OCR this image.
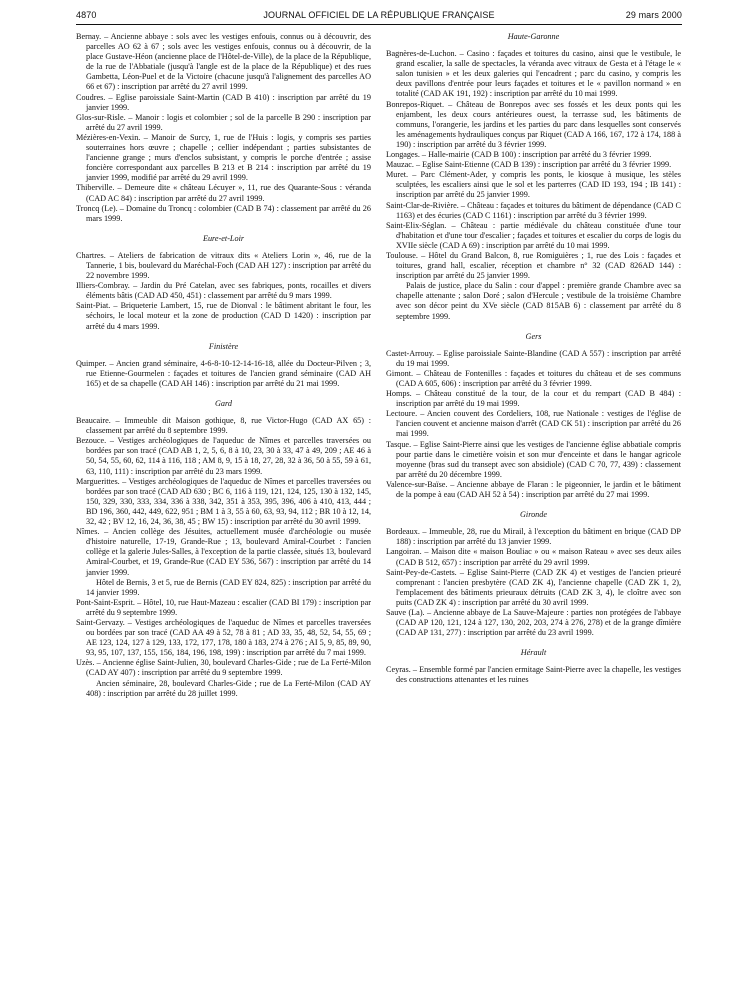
4870	JOURNAL OFFICIEL DE LA RÉPUBLIQUE FRANÇAISE	29 mars 2000

Bernay. – Ancienne abbaye : sols avec les vestiges enfouis, connus ou à découvrir, des parcelles AO 62 à 67 ; sols avec les vestiges enfouis, connus ou à découvrir, de la place Gustave-Héon (ancienne place de l'Hôtel-de-Ville), de la place de la République, de la rue de l'Abbatiale (jusqu'à l'angle est de la place de la République) et des rues Gambetta, Léon-Puel et de la Victoire (chacune jusqu'à l'alignement des parcelles AO 66 et 67) : inscription par arrêté du 27 avril 1999.

Coudres. – Eglise paroissiale Saint-Martin (CAD B 410) : inscription par arrêté du 19 janvier 1999.

Glos-sur-Risle. – Manoir : logis et colombier ; sol de la parcelle B 290 : inscription par arrêté du 27 avril 1999.

Mézières-en-Vexin. – Manoir de Surcy, 1, rue de l'Huis : logis, y compris ses parties souterraines hors œuvre ; chapelle ; cellier indépendant ; parties subsistantes de l'ancienne grange ; murs d'enclos subsistant, y compris le porche d'entrée ; assise foncière correspondant aux parcelles B 213 et B 214 : inscription par arrêté du 19 janvier 1999, modifié par arrêté du 29 avril 1999.

Thiberville. – Demeure dite « château Lécuyer », 11, rue des Quarante-Sous : véranda (CAD AC 84) : inscription par arrêté du 27 avril 1999.

Troncq (Le). – Domaine du Troncq : colombier (CAD B 74) : classement par arrêté du 26 mars 1999.

Eure-et-Loir

Chartres. – Ateliers de fabrication de vitraux dits « Ateliers Lorin », 46, rue de la Tannerie, 1 bis, boulevard du Maréchal-Foch (CAD AH 127) : inscription par arrêté du 22 novembre 1999.

Illiers-Combray. – Jardin du Pré Catelan, avec ses fabriques, ponts, rocailles et divers éléments bâtis (CAD AD 450, 451) : classement par arrêté du 9 mars 1999.

Saint-Piat. – Briqueterie Lambert, 15, rue de Dionval : le bâtiment abritant le four, les séchoirs, le local moteur et la zone de production (CAD D 1420) : inscription par arrêté du 4 mars 1999.

Finistère

Quimper. – Ancien grand séminaire, 4-6-8-10-12-14-16-18, allée du Docteur-Pilven ; 3, rue Etienne-Gourmelen : façades et toitures de l'ancien grand séminaire (CAD AH 165) et de sa chapelle (CAD AH 146) : inscription par arrêté du 21 mai 1999.

Gard

Beaucaire. – Immeuble dit Maison gothique, 8, rue Victor-Hugo (CAD AX 65) : classement par arrêté du 8 septembre 1999.

Bezouce. – Vestiges archéologiques de l'aqueduc de Nîmes et parcelles traversées ou bordées par son tracé (CAD AB 1, 2, 5, 6, 8 à 10, 23, 30 à 33, 47 à 49, 209 ; AE 46 à 50, 54, 55, 60, 62, 114 à 116, 118 ; AM 8, 9, 15 à 18, 27, 28, 32 à 36, 50 à 55, 59 à 61, 63, 110, 111) : inscription par arrêté du 23 mars 1999.

Marguerittes. – Vestiges archéologiques de l'aqueduc de Nîmes et parcelles traversées ou bordées par son tracé (CAD AD 630 ; BC 6, 116 à 119, 121, 124, 125, 130 à 132, 145, 150, 329, 330, 333, 334, 336 à 338, 342, 351 à 353, 395, 396, 406 à 410, 413, 444 ; BD 196, 360, 442, 449, 622, 951 ; BM 1 à 3, 55 à 60, 63, 93, 94, 112 ; BR 10 à 12, 14, 32, 42 ; BV 12, 16, 24, 36, 38, 45 ; BW 15) : inscription par arrêté du 30 avril 1999.

Nîmes. – Ancien collège des Jésuites, actuellement musée d'archéologie ou musée d'histoire naturelle, 17-19, Grande-Rue ; 13, boulevard Amiral-Courbet : l'ancien collège et la galerie Jules-Salles, à l'exception de la partie classée, situés 13, boulevard Amiral-Courbet, et 19, Grande-Rue (CAD EY 536, 567) : inscription par arrêté du 14 janvier 1999.

Hôtel de Bernis, 3 et 5, rue de Bernis (CAD EY 824, 825) : inscription par arrêté du 14 janvier 1999.

Pont-Saint-Esprit. – Hôtel, 10, rue Haut-Mazeau : escalier (CAD BI 179) : inscription par arrêté du 9 septembre 1999.

Saint-Gervazy. – Vestiges archéologiques de l'aqueduc de Nîmes et parcelles traversées ou bordées par son tracé (CAD AA 49 à 52, 78 à 81 ; AD 33, 35, 48, 52, 54, 55, 69 ; AE 123, 124, 127 à 129, 133, 172, 177, 178, 180 à 183, 274 à 276 ; AI 5, 9, 85, 89, 90, 93, 95, 107, 137, 155, 156, 184, 196, 198, 199) : inscription par arrêté du 7 mai 1999.

Uzès. – Ancienne église Saint-Julien, 30, boulevard Charles-Gide ; rue de La Ferté-Milon (CAD AY 407) : inscription par arrêté du 9 septembre 1999.

Ancien séminaire, 28, boulevard Charles-Gide ; rue de La Ferté-Milon (CAD AY 408) : inscription par arrêté du 28 juillet 1999.

Haute-Garonne

Bagnères-de-Luchon. – Casino : façades et toitures du casino, ainsi que le vestibule, le grand escalier, la salle de spectacles, la véranda avec vitraux de Gesta et à l'étage le « salon tunisien » et les deux galeries qui l'encadrent ; parc du casino, y compris les deux pavillons d'entrée pour leurs façades et toitures et le « pavillon normand » en totalité (CAD AK 191, 192) : inscription par arrêté du 10 mai 1999.

Bonrepos-Riquet. – Château de Bonrepos avec ses fossés et les deux ponts qui les enjambent, les deux cours antérieures ouest, la terrasse sud, les bâtiments de communs, l'orangerie, les jardins et les parties du parc dans lesquelles sont conservés les aménagements hydrauliques conçus par Riquet (CAD A 166, 167, 172 à 174, 188 à 190) : inscription par arrêté du 3 février 1999.

Longages. – Halle-mairie (CAD B 100) : inscription par arrêté du 3 février 1999.

Mauzac. – Eglise Saint-Etienne (CAD B 139) : inscription par arrêté du 3 février 1999.

Muret. – Parc Clément-Ader, y compris les ponts, le kiosque à musique, les stèles sculptées, les escaliers ainsi que le sol et les parterres (CAD ID 193, 194 ; IB 141) : inscription par arrêté du 25 janvier 1999.

Saint-Clar-de-Rivière. – Château : façades et toitures du bâtiment de dépendance (CAD C 1163) et des écuries (CAD C 1161) : inscription par arrêté du 3 février 1999.

Saint-Elix-Séglan. – Château : partie médiévale du château constituée d'une tour d'habitation et d'une tour d'escalier ; façades et toitures et escalier du corps de logis du XVIIe siècle (CAD A 69) : inscription par arrêté du 10 mai 1999.

Toulouse. – Hôtel du Grand Balcon, 8, rue Romiguières ; 1, rue des Lois : façades et toitures, grand hall, escalier, réception et chambre n° 32 (CAD 826AD 144) : inscription par arrêté du 25 janvier 1999.

Palais de justice, place du Salin : cour d'appel : première grande Chambre avec sa chapelle attenante ; salon Doré ; salon d'Hercule ; vestibule de la troisième Chambre avec son décor peint du XVe siècle (CAD 815AB 6) : classement par arrêté du 8 septembre 1999.

Gers

Castet-Arrouy. – Eglise paroissiale Sainte-Blandine (CAD A 557) : inscription par arrêté du 19 mai 1999.

Gimont. – Château de Fontenilles : façades et toitures du château et de ses communs (CAD A 605, 606) : inscription par arrêté du 3 février 1999.

Homps. – Château constitué de la tour, de la cour et du rempart (CAD B 484) : inscription par arrêté du 19 mai 1999.

Lectoure. – Ancien couvent des Cordeliers, 108, rue Nationale : vestiges de l'église de l'ancien couvent et ancienne maison d'arrêt (CAD CK 51) : inscription par arrêté du 26 mai 1999.

Tasque. – Eglise Saint-Pierre ainsi que les vestiges de l'ancienne église abbatiale compris pour partie dans le cimetière voisin et son mur d'enceinte et dans le hangar agricole moyenne (bras sud du transept avec son absidiole) (CAD C 70, 77, 439) : classement par arrêté du 20 décembre 1999.

Valence-sur-Baïse. – Ancienne abbaye de Flaran : le pigeonnier, le jardin et le bâtiment de la pompe à eau (CAD AH 52 à 54) : inscription par arrêté du 27 mai 1999.

Gironde

Bordeaux. – Immeuble, 28, rue du Mirail, à l'exception du bâtiment en brique (CAD DP 188) : inscription par arrêté du 13 janvier 1999.

Langoiran. – Maison dite « maison Bouliac » ou « maison Rateau » avec ses deux ailes (CAD B 512, 657) : inscription par arrêté du 29 avril 1999.

Saint-Pey-de-Castets. – Eglise Saint-Pierre (CAD ZK 4) et vestiges de l'ancien prieuré comprenant : l'ancien presbytère (CAD ZK 4), l'ancienne chapelle (CAD ZK 1, 2), l'emplacement des bâtiments prieuraux détruits (CAD ZK 3, 4), le cloître avec son puits (CAD ZK 4) : inscription par arrêté du 30 avril 1999.

Sauve (La). – Ancienne abbaye de La Sauve-Majeure : parties non protégées de l'abbaye (CAD AP 120, 121, 124 à 127, 130, 202, 203, 274 à 276, 278) et de la grange dîmière (CAD AP 131, 277) : inscription par arrêté du 23 avril 1999.

Hérault

Ceyras. – Ensemble formé par l'ancien ermitage Saint-Pierre avec la chapelle, les vestiges des constructions attenantes et les ruines
